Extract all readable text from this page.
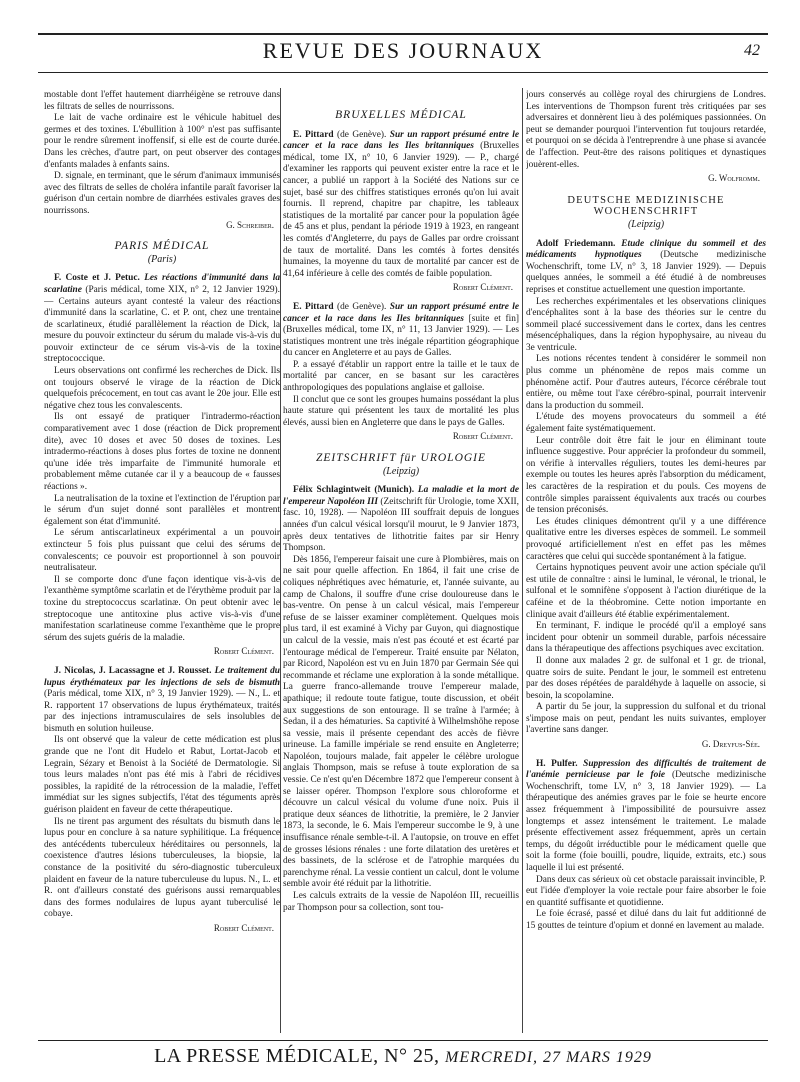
REVUE DES JOURNAUX	42

mostable dont l'effet hautement diarrhéigène se retrouve dans les filtrats de selles de nourrissons.

Le lait de vache ordinaire est le véhicule habituel des germes et des toxines. L'ébullition à 100° n'est pas suffisante pour le rendre sûrement inoffensif, si elle est de courte durée. Dans les crèches, d'autre part, on peut observer des contages d'enfants malades à enfants sains.

D. signale, en terminant, que le sérum d'animaux immunisés avec des filtrats de selles de choléra infantile paraît favoriser la guérison d'un certain nombre de diarrhées estivales graves des nourrissons.

G. Schreiber.
PARIS MÉDICAL
(Paris)

F. Coste et J. Petuc. Les réactions d'immunité dans la scarlatine (Paris médical, tome XIX, n° 2, 12 Janvier 1929). — Certains auteurs ayant contesté la valeur des réactions d'immunité dans la scarlatine, C. et P. ont, chez une trentaine de scarlatineux, étudié parallèlement la réaction de Dick, la mesure du pouvoir extincteur du sérum du malade vis-à-vis du pouvoir extincteur de ce sérum vis-à-vis de la toxine streptococcique.

Leurs observations ont confirmé les recherches de Dick. Ils ont toujours observé le virage de la réaction de Dick quelquefois précocement, en tout cas avant le 20e jour. Elle est négative chez tous les convalescents.

Ils ont essayé de pratiquer l'intradermo-réaction comparativement avec 1 dose (réaction de Dick proprement dite), avec 10 doses et avec 50 doses de toxines. Les intradermo-réactions à doses plus fortes de toxine ne donnent qu'une idée très imparfaite de l'immunité humorale et probablement même cutanée car il y a beaucoup de « fausses réactions ».

La neutralisation de la toxine et l'extinction de l'éruption par le sérum d'un sujet donné sont parallèles et montrent également son état d'immunité.

Le sérum antiscarlatineux expérimental a un pouvoir extincteur 5 fois plus puissant que celui des sérums de convalescents; ce pouvoir est proportionnel à son pouvoir neutralisateur.

Il se comporte donc d'une façon identique vis-à-vis de l'exanthème symptôme scarlatin et de l'érythème produit par la toxine du streptococcus scarlatinæ. On peut obtenir avec le streptocoque une antitoxine plus active vis-à-vis d'une manifestation scarlatineuse comme l'exanthème que le propre sérum des sujets guéris de la maladie.

Robert Clément.

J. Nicolas, J. Lacassagne et J. Rousset. Le traitement du lupus érythémateux par les injections de sels de bismuth (Paris médical, tome XIX, n° 3, 19 Janvier 1929). — N., L. et R. rapportent 17 observations de lupus érythémateux, traités par des injections intramusculaires de sels insolubles de bismuth en solution huileuse.

Ils ont observé que la valeur de cette médication est plus grande que ne l'ont dit Hudelo et Rabut, Lortat-Jacob et Legrain, Sézary et Benoist à la Société de Dermatologie. Si tous leurs malades n'ont pas été mis à l'abri de récidives possibles, la rapidité de la rétrocession de la maladie, l'effet immédiat sur les signes subjectifs, l'état des téguments après guérison plaident en faveur de cette thérapeutique.

Ils ne tirent pas argument des résultats du bismuth dans le lupus pour en conclure à sa nature syphilitique. La fréquence des antécédents tuberculeux héréditaires ou personnels, la coexistence d'autres lésions tuberculeuses, la biopsie, la constance de la positivité du séro-diagnostic tuberculeux plaident en faveur de la nature tuberculeuse du lupus. N., L. et R. ont d'ailleurs constaté des guérisons aussi remarquables dans des formes nodulaires de lupus ayant tuberculisé le cobaye.

Robert Clément.
BRUXELLES MÉDICAL

E. Pittard (de Genève). Sur un rapport présumé entre le cancer et la race dans les Iles britanniques (Bruxelles médical, tome IX, n° 10, 6 Janvier 1929). — P., chargé d'examiner les rapports qui peuvent exister entre la race et le cancer, a publié un rapport à la Société des Nations sur ce sujet, basé sur des chiffres statistiques erronés qu'on lui avait fournis. Il reprend, chapitre par chapitre, les tableaux statistiques de la mortalité par cancer pour la population âgée de 45 ans et plus, pendant la période 1919 à 1923, en rangeant les comtés d'Angleterre, du pays de Galles par ordre croissant de taux de mortalité. Dans les comtés à fortes densités humaines, la moyenne du taux de mortalité par cancer est de 41,64 inférieure à celle des comtés de faible population.

Robert Clément.

E. Pittard (de Genève). Sur un rapport présumé entre le cancer et la race dans les Iles britanniques [suite et fin] (Bruxelles médical, tome IX, n° 11, 13 Janvier 1929). — Les statistiques montrent une très inégale répartition géographique du cancer en Angleterre et au pays de Galles.

P. a essayé d'établir un rapport entre la taille et le taux de mortalité par cancer, en se basant sur les caractères anthropologiques des populations anglaise et galloise.

Il conclut que ce sont les groupes humains possédant la plus haute stature qui présentent les taux de mortalité les plus élevés, aussi bien en Angleterre que dans le pays de Galles.

Robert Clément.
ZEITSCHRIFT für UROLOGIE
(Leipzig)

Félix Schlagintweit (Munich). La maladie et la mort de l'empereur Napoléon III (Zeitschrift für Urologie, tome XXII, fasc. 10, 1928). — Napoléon III souffrait depuis de longues années d'un calcul vésical lorsqu'il mourut, le 9 Janvier 1873, après deux tentatives de lithotritie faites par sir Henry Thompson.

Dès 1856, l'empereur faisait une cure à Plombières, mais on ne sait pour quelle affection. En 1864, il fait une crise de coliques néphrétiques avec hématurie, et, l'année suivante, au camp de Chalons, il souffre d'une crise douloureuse dans le bas-ventre. On pense à un calcul vésical, mais l'empereur refuse de se laisser examiner complètement. Quelques mois plus tard, il est examiné à Vichy par Guyon, qui diagnostique un calcul de la vessie, mais n'est pas écouté et est écarté par l'entourage médical de l'empereur. Traité ensuite par Nélaton, par Ricord, Napoléon est vu en Juin 1870 par Germain Sée qui recommande et réclame une exploration à la sonde métallique. La guerre franco-allemande trouve l'empereur malade, apathique; il redoute toute fatigue, toute discussion, et obéit aux suggestions de son entourage. Il se traîne à l'armée; à Sedan, il a des hématuries. Sa captivité à Wilhelmshöhe repose sa vessie, mais il présente cependant des accès de fièvre urineuse. La famille impériale se rend ensuite en Angleterre; Napoléon, toujours malade, fait appeler le célèbre urologue anglais Thompson, mais se refuse à toute exploration de sa vessie. Ce n'est qu'en Décembre 1872 que l'empereur consent à se laisser opérer. Thompson l'explore sous chloroforme et découvre un calcul vésical du volume d'une noix. Puis il pratique deux séances de lithotritie, la première, le 2 Janvier 1873, la seconde, le 6. Mais l'empereur succombe le 9, à une insuffisance rénale semble-t-il. A l'autopsie, on trouve en effet de grosses lésions rénales : une forte dilatation des uretères et des bassinets, de la sclérose et de l'atrophie marquées du parenchyme rénal. La vessie contient un calcul, dont le volume semble avoir été réduit par la lithotritie.

Les calculs extraits de la vessie de Napoléon III, recueillis par Thompson pour sa collection, sont tou-

jours conservés au collège royal des chirurgiens de Londres. Les interventions de Thompson furent très critiquées par ses adversaires et donnèrent lieu à des polémiques passionnées. On peut se demander pourquoi l'intervention fut toujours retardée, et pourquoi on se décida à l'entreprendre à une phase si avancée de l'affection. Peut-être des raisons politiques et dynastiques jouèrent-elles.

G. Wolfromm.
DEUTSCHE MEDIZINISCHE WOCHENSCHRIFT
(Leipzig)

Adolf Friedemann. Etude clinique du sommeil et des médicaments hypnotiques (Deutsche medizinische Wochenschrift, tome LV, n° 3, 18 Janvier 1929). — Depuis quelques années, le sommeil a été étudié à de nombreuses reprises et constitue actuellement une question importante.

Les recherches expérimentales et les observations cliniques d'encéphalites sont à la base des théories sur le centre du sommeil placé successivement dans le cortex, dans les centres mésencéphaliques, dans la région hypophysaire, au niveau du 3e ventricule.

Les notions récentes tendent à considérer le sommeil non plus comme un phénomène de repos mais comme un phénomène actif. Pour d'autres auteurs, l'écorce cérébrale tout entière, ou même tout l'axe cérébro-spinal, pourrait intervenir dans la production du sommeil.

L'étude des moyens provocateurs du sommeil a été également faite systématiquement.

Leur contrôle doit être fait le jour en éliminant toute influence suggestive. Pour apprécier la profondeur du sommeil, on vérifie à intervalles réguliers, toutes les demi-heures par exemple ou toutes les heures après l'absorption du médicament, les caractères de la respiration et du pouls. Ces moyens de contrôle simples paraissent équivalents aux tracés ou courbes de tension préconisés.

Les études cliniques démontrent qu'il y a une différence qualitative entre les diverses espèces de sommeil. Le sommeil provoqué artificiellement n'est en effet pas les mêmes caractères que celui qui succède spontanément à la fatigue.

Certains hypnotiques peuvent avoir une action spéciale qu'il est utile de connaître : ainsi le luminal, le véronal, le trional, le sulfonal et le somnifène s'opposent à l'action diurétique de la caféine et de la théobromine. Cette notion importante en clinique avait d'ailleurs été établie expérimentalement.

En terminant, F. indique le procédé qu'il a employé sans incident pour obtenir un sommeil durable, parfois nécessaire dans la thérapeutique des affections psychiques avec excitation.

Il donne aux malades 2 gr. de sulfonal et 1 gr. de trional, quatre soirs de suite. Pendant le jour, le sommeil est entretenu par des doses répétées de paraldéhyde à laquelle on associe, si besoin, la scopolamine.

A partir du 5e jour, la suppression du sulfonal et du trional s'impose mais on peut, pendant les nuits suivantes, employer l'avertine sans danger.

G. Dreyfus-Sée.

H. Pulfer. Suppression des difficultés de traitement de l'anémie pernicieuse par le foie (Deutsche medizinische Wochenschrift, tome LV, n° 3, 18 Janvier 1929). — La thérapeutique des anémies graves par le foie se heurte encore assez fréquemment à l'impossibilité de poursuivre assez longtemps et assez intensément le traitement. Le malade présente effectivement assez fréquemment, après un certain temps, du dégoût irréductible pour le médicament quelle que soit la forme (foie bouilli, poudre, liquide, extraits, etc.) sous laquelle il lui est présenté.

Dans deux cas sérieux où cet obstacle paraissait invincible, P. eut l'idée d'employer la voie rectale pour faire absorber le foie en quantité suffisante et quotidienne.

Le foie écrasé, passé et dilué dans du lait fut additionné de 15 gouttes de teinture d'opium et donné en lavement au malade.

LA PRESSE MÉDICALE, N° 25, MERCREDI, 27 MARS 1929
